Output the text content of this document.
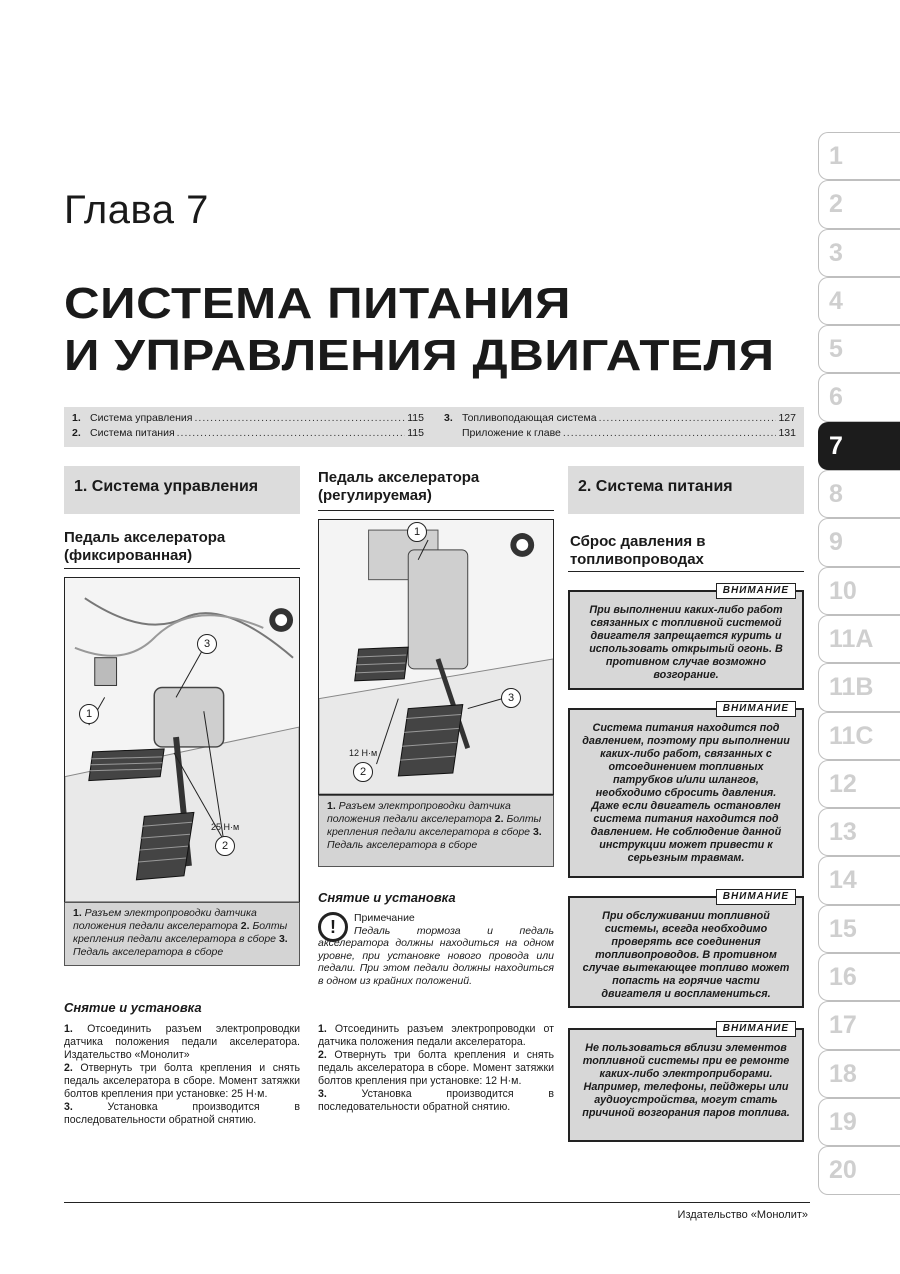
Глава 7
СИСТЕМА ПИТАНИЯ
И УПРАВЛЕНИЯ ДВИГАТЕЛЯ
1. Система управления .....	115
2. Система питания .....	115
3. Топливоподающая система .....	127
Приложение к главе .....	131
1. Система управления
Педаль акселератора (фиксированная)
3
1
2
25 Н·м
1. Разъем электропроводки датчика положения педали акселератора 2. Болты крепления педали акселератора в сборе 3. Педаль акселератора в сборе
Снятие и установка

1. Отсоединить разъем электропроводки датчика положения педали акселератора. Издательство «Монолит»

2. Отвернуть три болта крепления и снять педаль акселератора в сборе. Момент затяжки болтов крепления при установке: 25 Н·м.

3. Установка производится в последовательности обратной снятию.

Педаль акселератора (регулируемая)
1
3
2
12 Н·м
1. Разъем электропроводки датчика положения педали акселератора 2. Болты крепления педали акселератора в сборе 3. Педаль акселератора в сборе
Снятие и установка
!	Примечание
Педаль тормоза и педаль акселератора должны находиться на одном уровне, при установке нового провода или педали. При этом педали должны находиться в одном из крайних положений.

1. Отсоединить разъем электропроводки от датчика положения педали акселератора.

2. Отвернуть три болта крепления и снять педаль акселератора в сборе. Момент затяжки болтов крепления при установке: 12 Н·м.

3. Установка производится в последовательности обратной снятию.

2. Система питания
Сброс давления в топливопроводах
ВНИМАНИЕ
При выполнении каких-либо работ связанных с топливной системой двигателя запрещается курить и использовать открытый огонь. В противном случае возможно возгорание.
ВНИМАНИЕ
Система питания находится под давлением, поэтому при выполнении каких-либо работ, связанных с отсоединением топливных патрубков и/или шлангов, необходимо сбросить давления. Даже если двигатель остановлен система питания находится под давлением. Не соблюдение данной инструкции может привести к серьезным травмам.
ВНИМАНИЕ
При обслуживании топливной системы, всегда необходимо проверять все соединения топливопроводов. В противном случае вытекающее топливо может попасть на горячие части двигателя и воспламениться.
ВНИМАНИЕ
Не пользоваться вблизи элементов топливной системы при ее ремонте каких-либо электроприборами. Например, телефоны, пейджеры или аудиоустройства, могут стать причиной возгорания паров топлива.
1
2
3
4
5
6
7
8
9
10
11A
11B
11C
12
13
14
15
16
17
18
19
20
Издательство «Монолит»
